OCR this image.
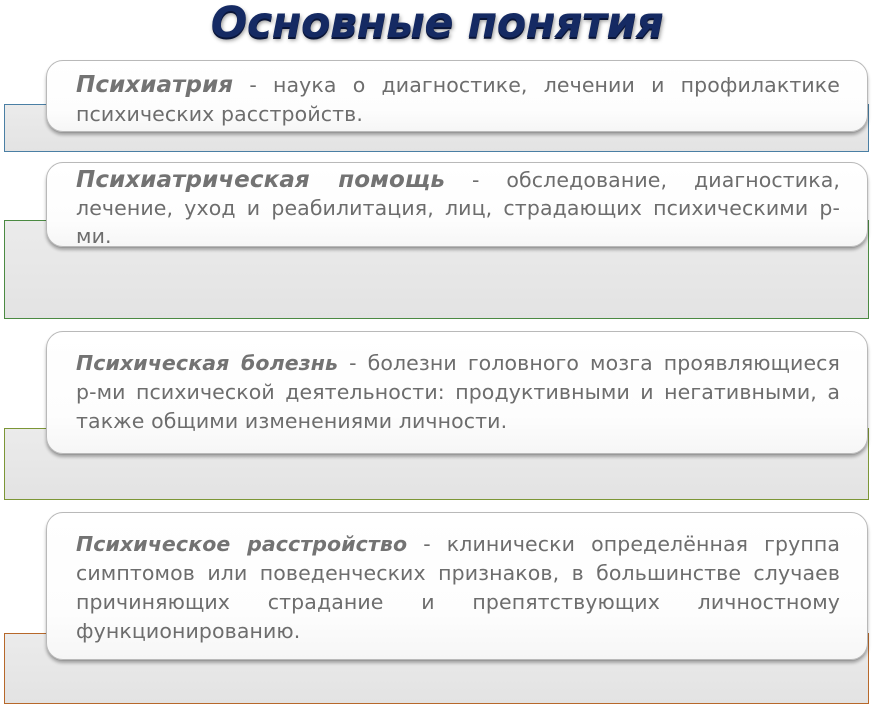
Основные понятия
Психиатрия - наука о диагностике, лечении и профилактике психических расстройств.
Психиатрическая помощь - обследование, диагностика, лечение, уход и реабилитация, лиц, страдающих психическими р-ми.
Психическая болезнь - болезни головного мозга проявляющиеся р-ми психической деятельности: продуктивными и негативными, а также общими изменениями личности.
Психическое расстройство - клинически определённая группа симптомов или поведенческих признаков, в большинстве случаев причиняющих страдание и препятствующих личностному функционированию.
